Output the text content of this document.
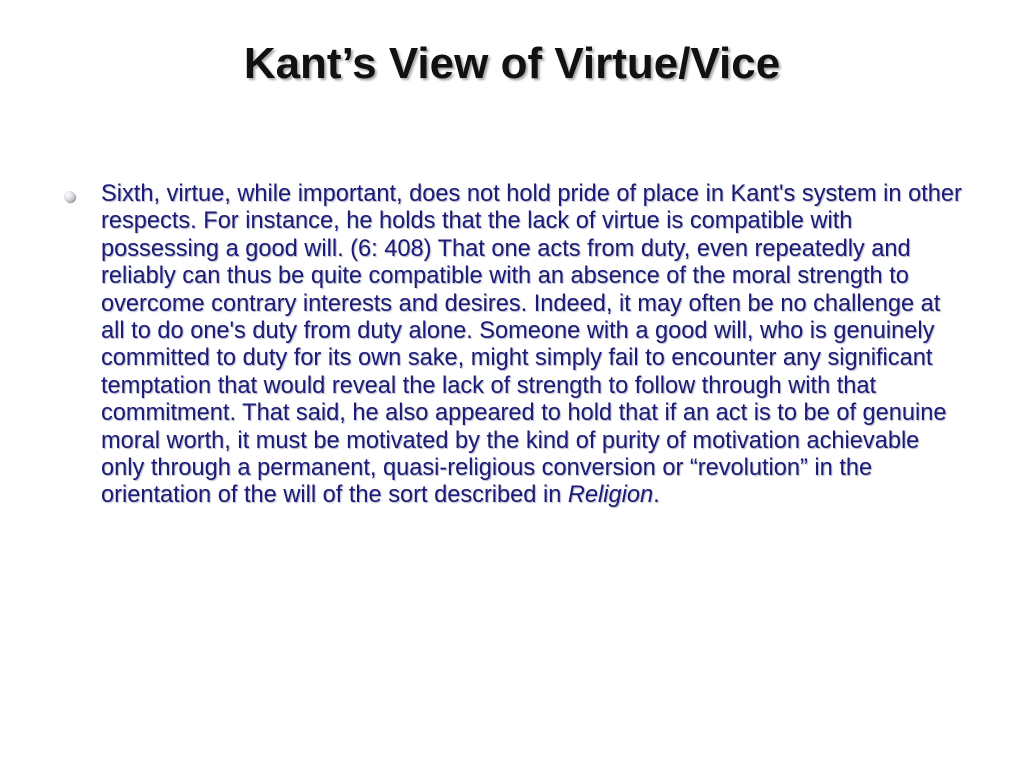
Kant’s View of Virtue/Vice
Sixth, virtue, while important, does not hold pride of place in Kant's system in other respects. For instance, he holds that the lack of virtue is compatible with possessing a good will. (6: 408) That one acts from duty, even repeatedly and reliably can thus be quite compatible with an absence of the moral strength to overcome contrary interests and desires. Indeed, it may often be no challenge at all to do one's duty from duty alone. Someone with a good will, who is genuinely committed to duty for its own sake, might simply fail to encounter any significant temptation that would reveal the lack of strength to follow through with that commitment. That said, he also appeared to hold that if an act is to be of genuine moral worth, it must be motivated by the kind of purity of motivation achievable only through a permanent, quasi-religious conversion or “revolution” in the orientation of the will of the sort described in Religion.
